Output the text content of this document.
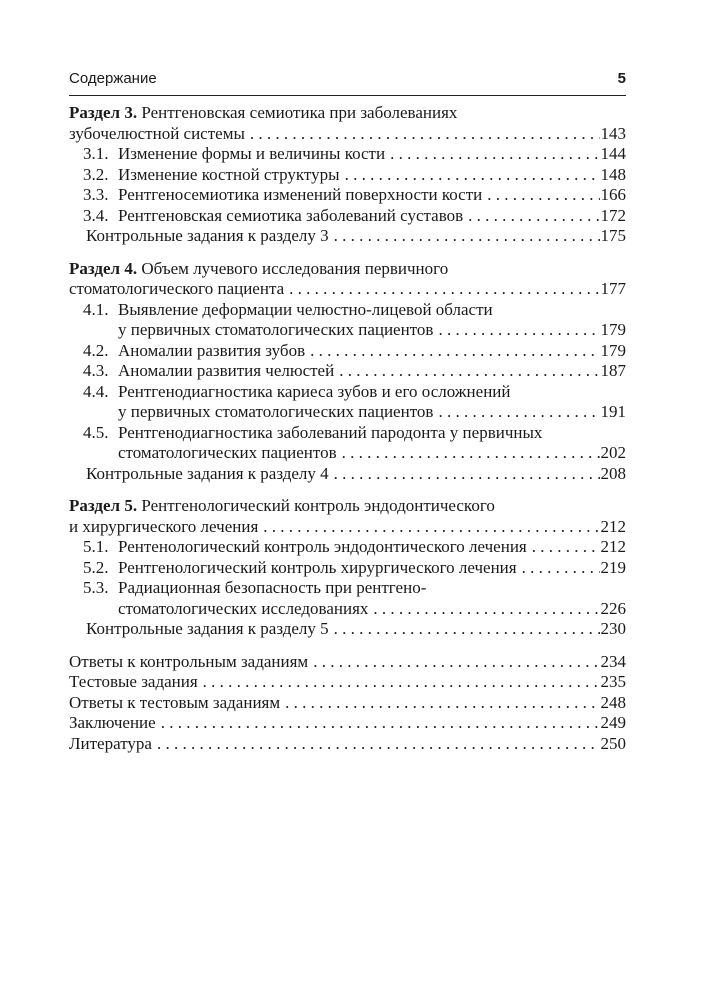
Содержание	5
Раздел 3. Рентгеновская семиотика при заболеваниях
зубочелюстной системы . . .	143
3.1. Изменение формы и величины кости . . .	144
3.2. Изменение костной структуры . . .	148
3.3. Рентгеносемиотика изменений поверхности кости . . .	166
3.4. Рентгеновская семиотика заболеваний суставов . . .	172
Контрольные задания к разделу 3 . . .	175
Раздел 4. Объем лучевого исследования первичного
стоматологического пациента . . .	177
4.1. Выявление деформации челюстно-лицевой области
у первичных стоматологических пациентов . . .	179
4.2. Аномалии развития зубов . . .	179
4.3. Аномалии развития челюстей . . .	187
4.4. Рентгенодиагностика кариеса зубов и его осложнений
у первичных стоматологических пациентов . . .	191
4.5. Рентгенодиагностика заболеваний пародонта у первичных
стоматологических пациентов . . .	202
Контрольные задания к разделу 4 . . .	208
Раздел 5. Рентгенологический контроль эндодонтического
и хирургического лечения . . .	212
5.1. Рентенологический контроль эндодонтического лечения . . .	212
5.2. Рентгенологический контроль хирургического лечения . . .	219
5.3. Радиационная безопасность при рентгено-
стоматологических исследованиях . . .	226
Контрольные задания к разделу 5 . . .	230
Ответы к контрольным заданиям . . .	234
Тестовые задания . . .	235
Ответы к тестовым заданиям . . .	248
Заключение . . .	249
Литература . . .	250
